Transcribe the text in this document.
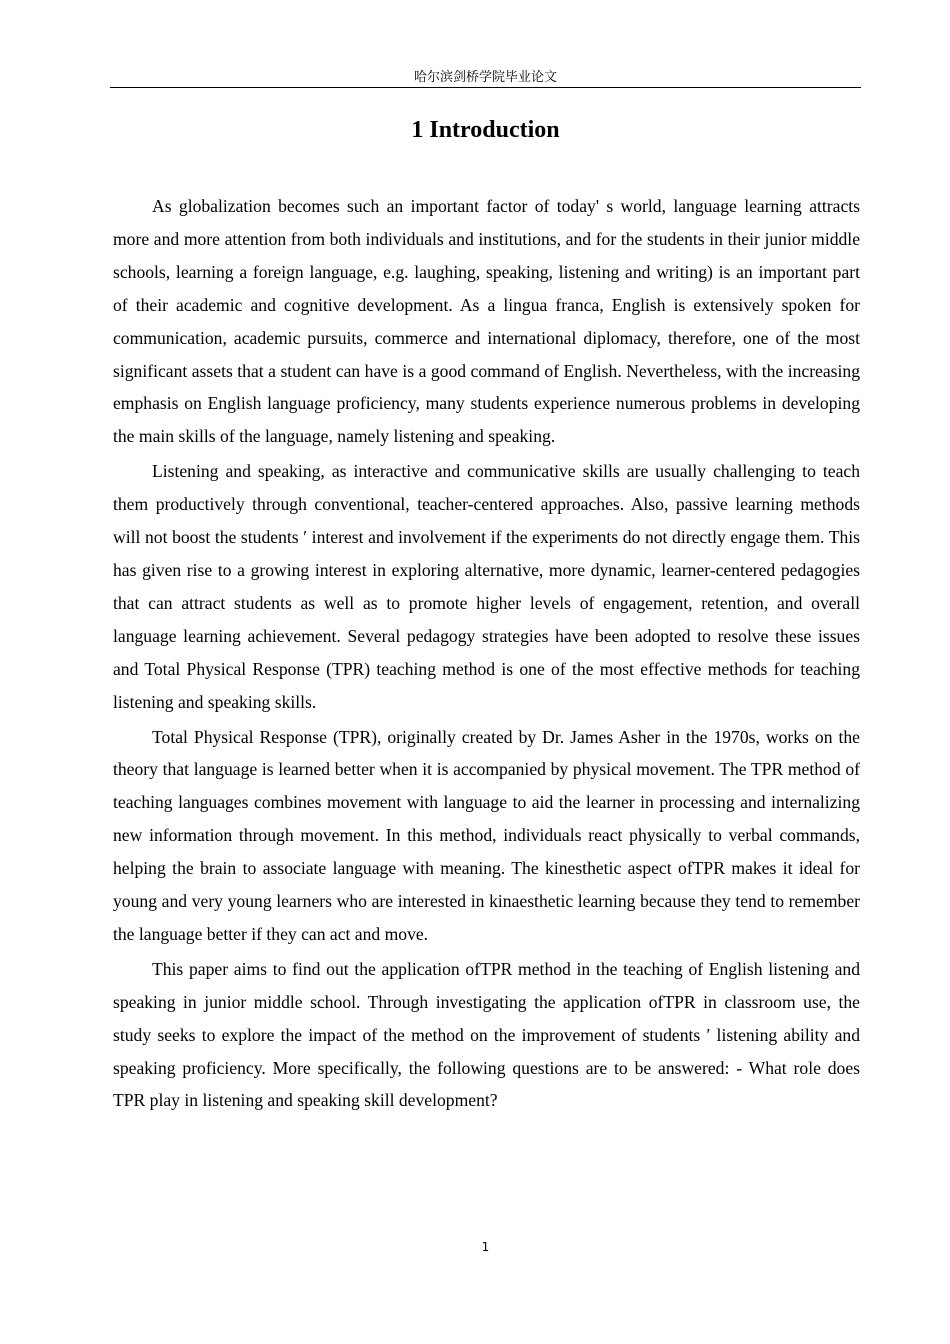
哈尔滨剑桥学院毕业论文
1 Introduction

As globalization becomes such an important factor of today' s world, language learning attracts more and more attention from both individuals and institutions, and for the students in their junior middle schools, learning a foreign language, e.g. laughing, speaking, listening and writing) is an important part of their academic and cognitive development. As a lingua franca, English is extensively spoken for communication, academic pursuits, commerce and international diplomacy, therefore, one of the most significant assets that a student can have is a good command of English. Nevertheless, with the increasing emphasis on English language proficiency, many students experience numerous problems in developing the main skills of the language, namely listening and speaking.

Listening and speaking, as interactive and communicative skills are usually challenging to teach them productively through conventional, teacher-centered approaches. Also, passive learning methods will not boost the students ′ interest and involvement if the experiments do not directly engage them. This has given rise to a growing interest in exploring alternative, more dynamic, learner-centered pedagogies that can attract students as well as to promote higher levels of engagement, retention, and overall language learning achievement. Several pedagogy strategies have been adopted to resolve these issues and Total Physical Response (TPR) teaching method is one of the most effective methods for teaching listening and speaking skills.

Total Physical Response (TPR), originally created by Dr. James Asher in the 1970s, works on the theory that language is learned better when it is accompanied by physical movement. The TPR method of teaching languages combines movement with language to aid the learner in processing and internalizing new information through movement. In this method, individuals react physically to verbal commands, helping the brain to associate language with meaning. The kinesthetic aspect ofTPR makes it ideal for young and very young learners who are interested in kinaesthetic learning because they tend to remember the language better if they can act and move.

This paper aims to find out the application ofTPR method in the teaching of English listening and speaking in junior middle school. Through investigating the application ofTPR in classroom use, the study seeks to explore the impact of the method on the improvement of students ′ listening ability and speaking proficiency. More specifically, the following questions are to be answered: - What role does TPR play in listening and speaking skill development?

1
